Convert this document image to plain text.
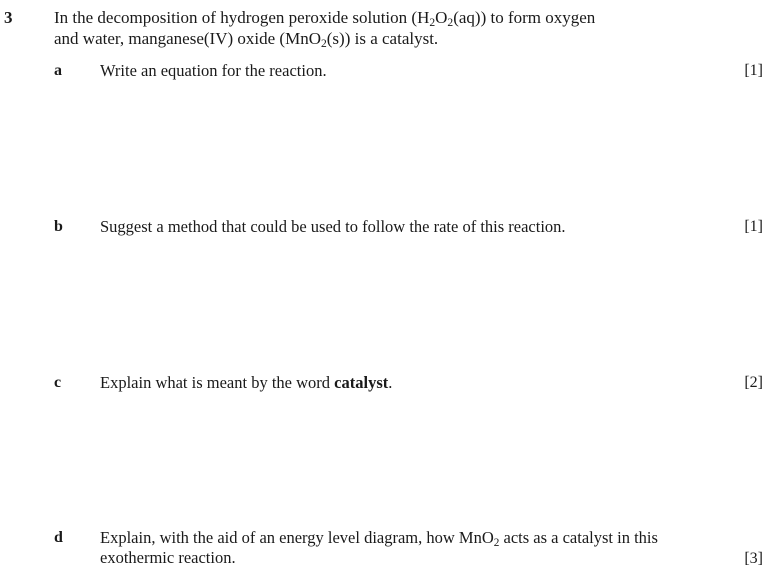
3 In the decomposition of hydrogen peroxide solution $(H_2O_2(aq))$ to form oxygen
and water, manganese(IV) oxide (MnO$_2$(s)) is a catalyst.
a Write an equation for the reaction.	[1]
b Suggest a method that could be used to follow the rate of this reaction.	[1]
c Explain what is meant by the word catalyst.	[2]
d Explain, with the aid of an energy level diagram, how MnO$_2$ acts as a catalyst in this
exothermic reaction.	[3]
